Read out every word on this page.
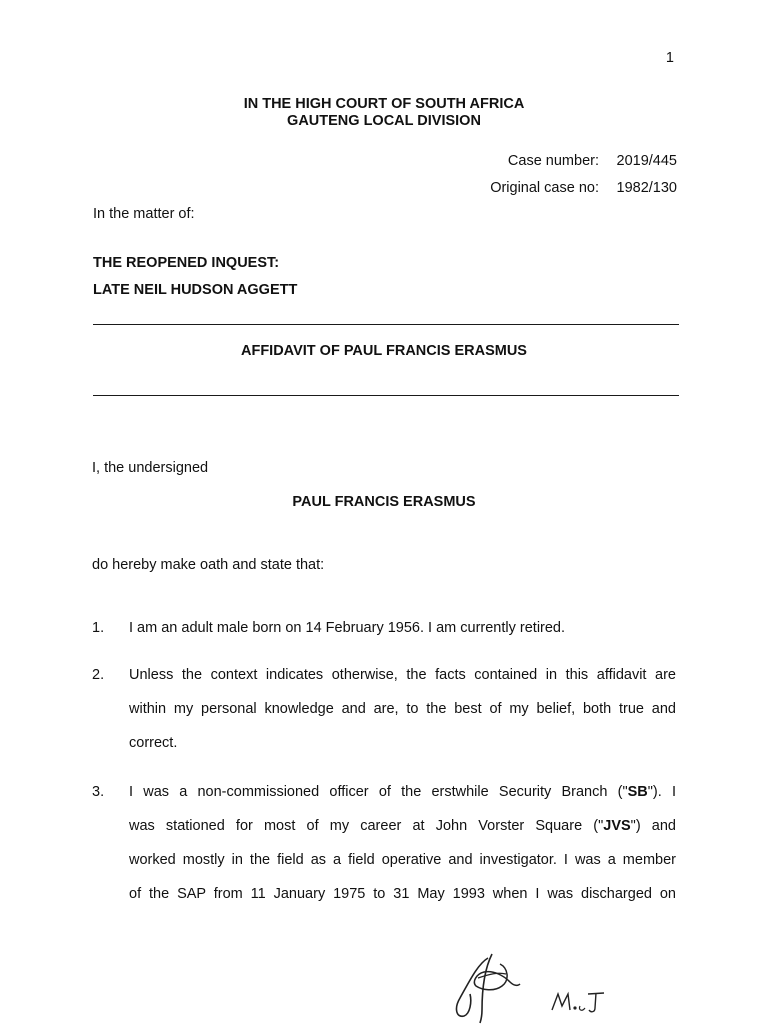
1
IN THE HIGH COURT OF SOUTH AFRICA
GAUTENG LOCAL DIVISION
Case number: 2019/445
Original case no: 1982/130
In the matter of:
THE REOPENED INQUEST:
LATE NEIL HUDSON AGGETT
AFFIDAVIT OF PAUL FRANCIS ERASMUS
I, the undersigned
PAUL FRANCIS ERASMUS
do hereby make oath and state that:
1. I am an adult male born on 14 February 1956. I am currently retired.
2. Unless the context indicates otherwise, the facts contained in this affidavit are
within my personal knowledge and are, to the best of my belief, both true and
correct.
3. I was a non-commissioned officer of the erstwhile Security Branch ("SB"). I
was stationed for most of my career at John Vorster Square ("JVS") and
worked mostly in the field as a field operative and investigator. I was a member
of the SAP from 11 January 1975 to 31 May 1993 when I was discharged on
